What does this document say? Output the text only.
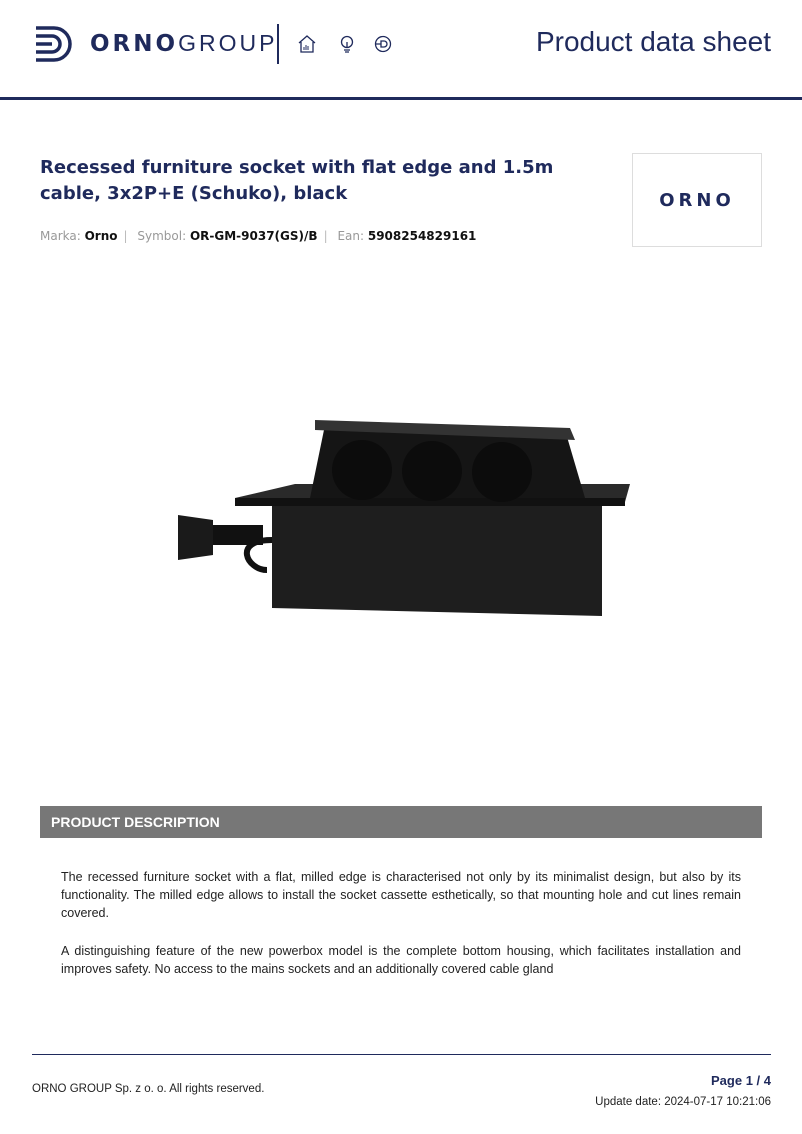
ORNOGROUP	Product data sheet
Recessed furniture socket with flat edge and 1.5m cable, 3x2P+E (Schuko), black
Marka: Orno | Symbol: OR-GM-9037(GS)/B | Ean: 5908254829161
ORNO
PRODUCT DESCRIPTION

The recessed furniture socket with a flat, milled edge is characterised not only by its minimalist design, but also by its functionality. The milled edge allows to install the socket cassette esthetically, so that mounting hole and cut lines remain covered.

A distinguishing feature of the new powerbox model is the complete bottom housing, which facilitates installation and improves safety. No access to the mains sockets and an additionally covered cable gland

ORNO GROUP Sp. z o. o. All rights reserved.
Page 1 / 4
Update date: 2024-07-17 10:21:06
